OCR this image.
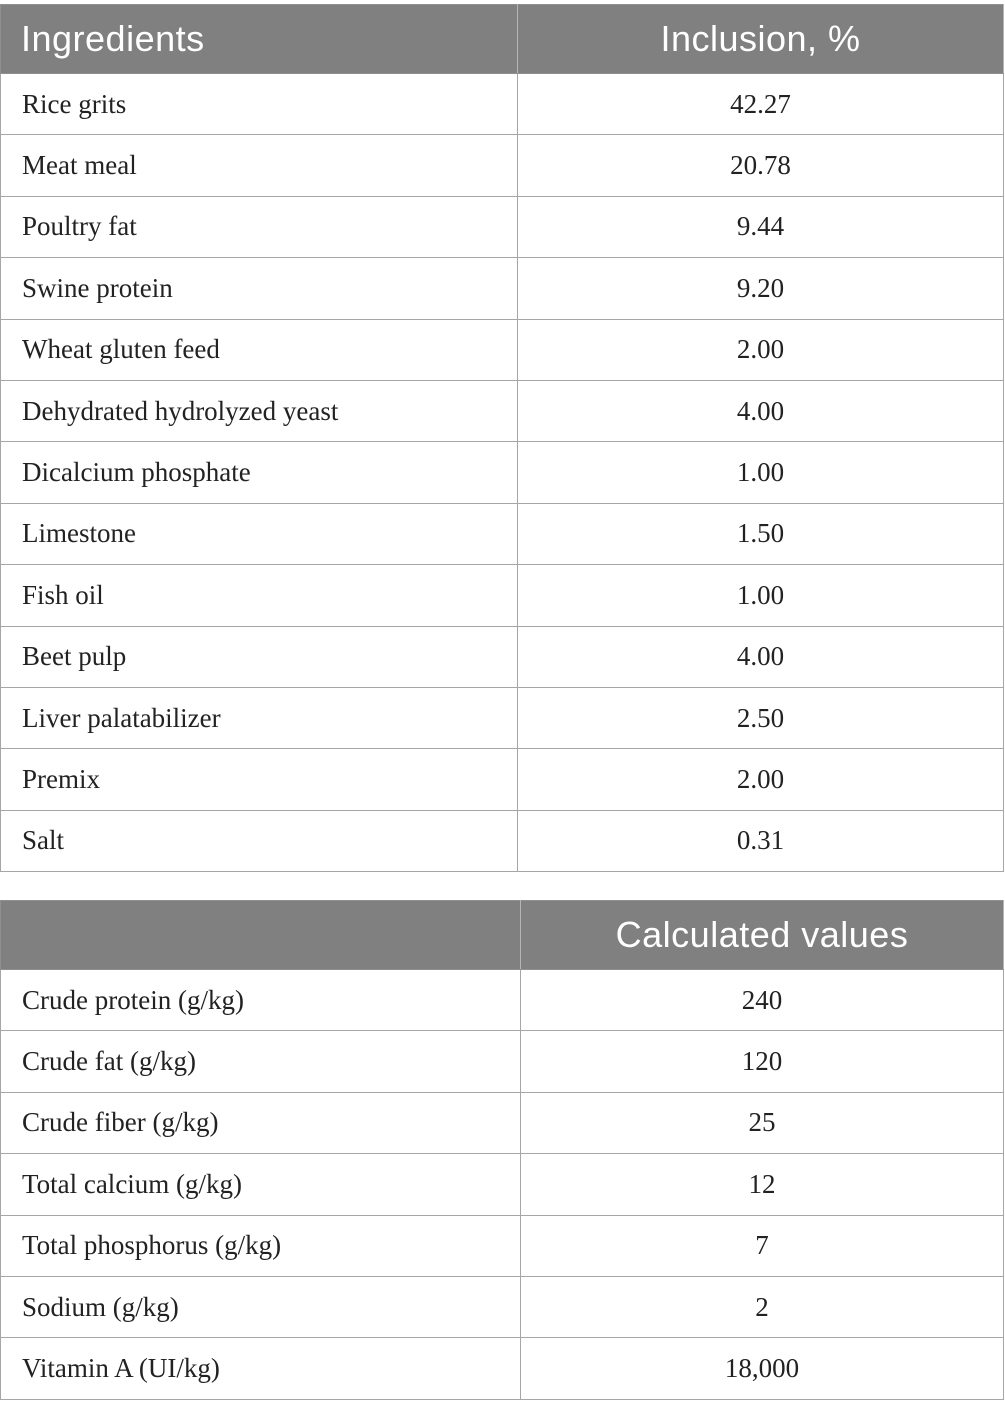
Ingredients	Inclusion, %
Rice grits	42.27
Meat meal	20.78
Poultry fat	9.44
Swine protein	9.20
Wheat gluten feed	2.00
Dehydrated hydrolyzed yeast	4.00
Dicalcium phosphate	1.00
Limestone	1.50
Fish oil	1.00
Beet pulp	4.00
Liver palatabilizer	2.50
Premix	2.00
Salt	0.31
	Calculated values
Crude protein (g/kg)	240
Crude fat (g/kg)	120
Crude fiber (g/kg)	25
Total calcium (g/kg)	12
Total phosphorus (g/kg)	7
Sodium (g/kg)	2
Vitamin A (UI/kg)	18,000
